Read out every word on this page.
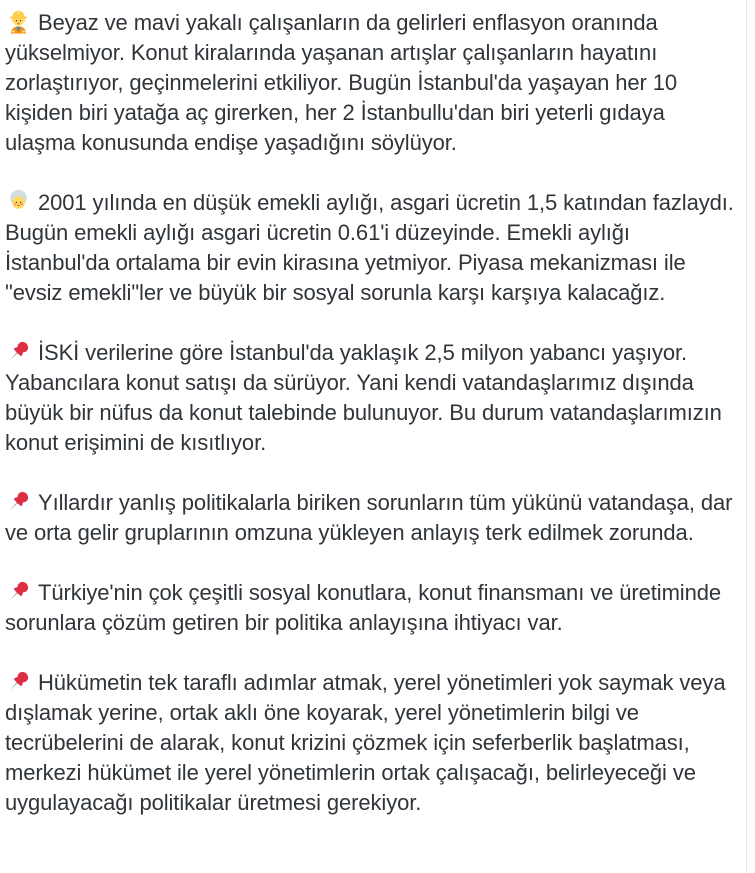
Beyaz ve mavi yakalı çalışanların da gelirleri enflasyon oranında yükselmiyor. Konut kiralarında yaşanan artışlar çalışanların hayatını zorlaştırıyor, geçinmelerini etkiliyor. Bugün İstanbul'da yaşayan her 10 kişiden biri yatağa aç girerken, her 2 İstanbullu'dan biri yeterli gıdaya ulaşma konusunda endişe yaşadığını söylüyor.

2001 yılında en düşük emekli aylığı, asgari ücretin 1,5 katından fazlaydı. Bugün emekli aylığı asgari ücretin 0.61'i düzeyinde. Emekli aylığı İstanbul'da ortalama bir evin kirasına yetmiyor. Piyasa mekanizması ile "evsiz emekli"ler ve büyük bir sosyal sorunla karşı karşıya kalacağız.

İSKİ verilerine göre İstanbul'da yaklaşık 2,5 milyon yabancı yaşıyor. Yabancılara konut satışı da sürüyor. Yani kendi vatandaşlarımız dışında büyük bir nüfus da konut talebinde bulunuyor. Bu durum vatandaşlarımızın konut erişimini de kısıtlıyor.

Yıllardır yanlış politikalarla biriken sorunların tüm yükünü vatandaşa, dar ve orta gelir gruplarının omzuna yükleyen anlayış terk edilmek zorunda.

Türkiye'nin çok çeşitli sosyal konutlara, konut finansmanı ve üretiminde sorunlara çözüm getiren bir politika anlayışına ihtiyacı var.

Hükümetin tek taraflı adımlar atmak, yerel yönetimleri yok saymak veya dışlamak yerine, ortak aklı öne koyarak, yerel yönetimlerin bilgi ve tecrübelerini de alarak, konut krizini çözmek için seferberlik başlatması, merkezi hükümet ile yerel yönetimlerin ortak çalışacağı, belirleyeceği ve uygulayacağı politikalar üretmesi gerekiyor.
